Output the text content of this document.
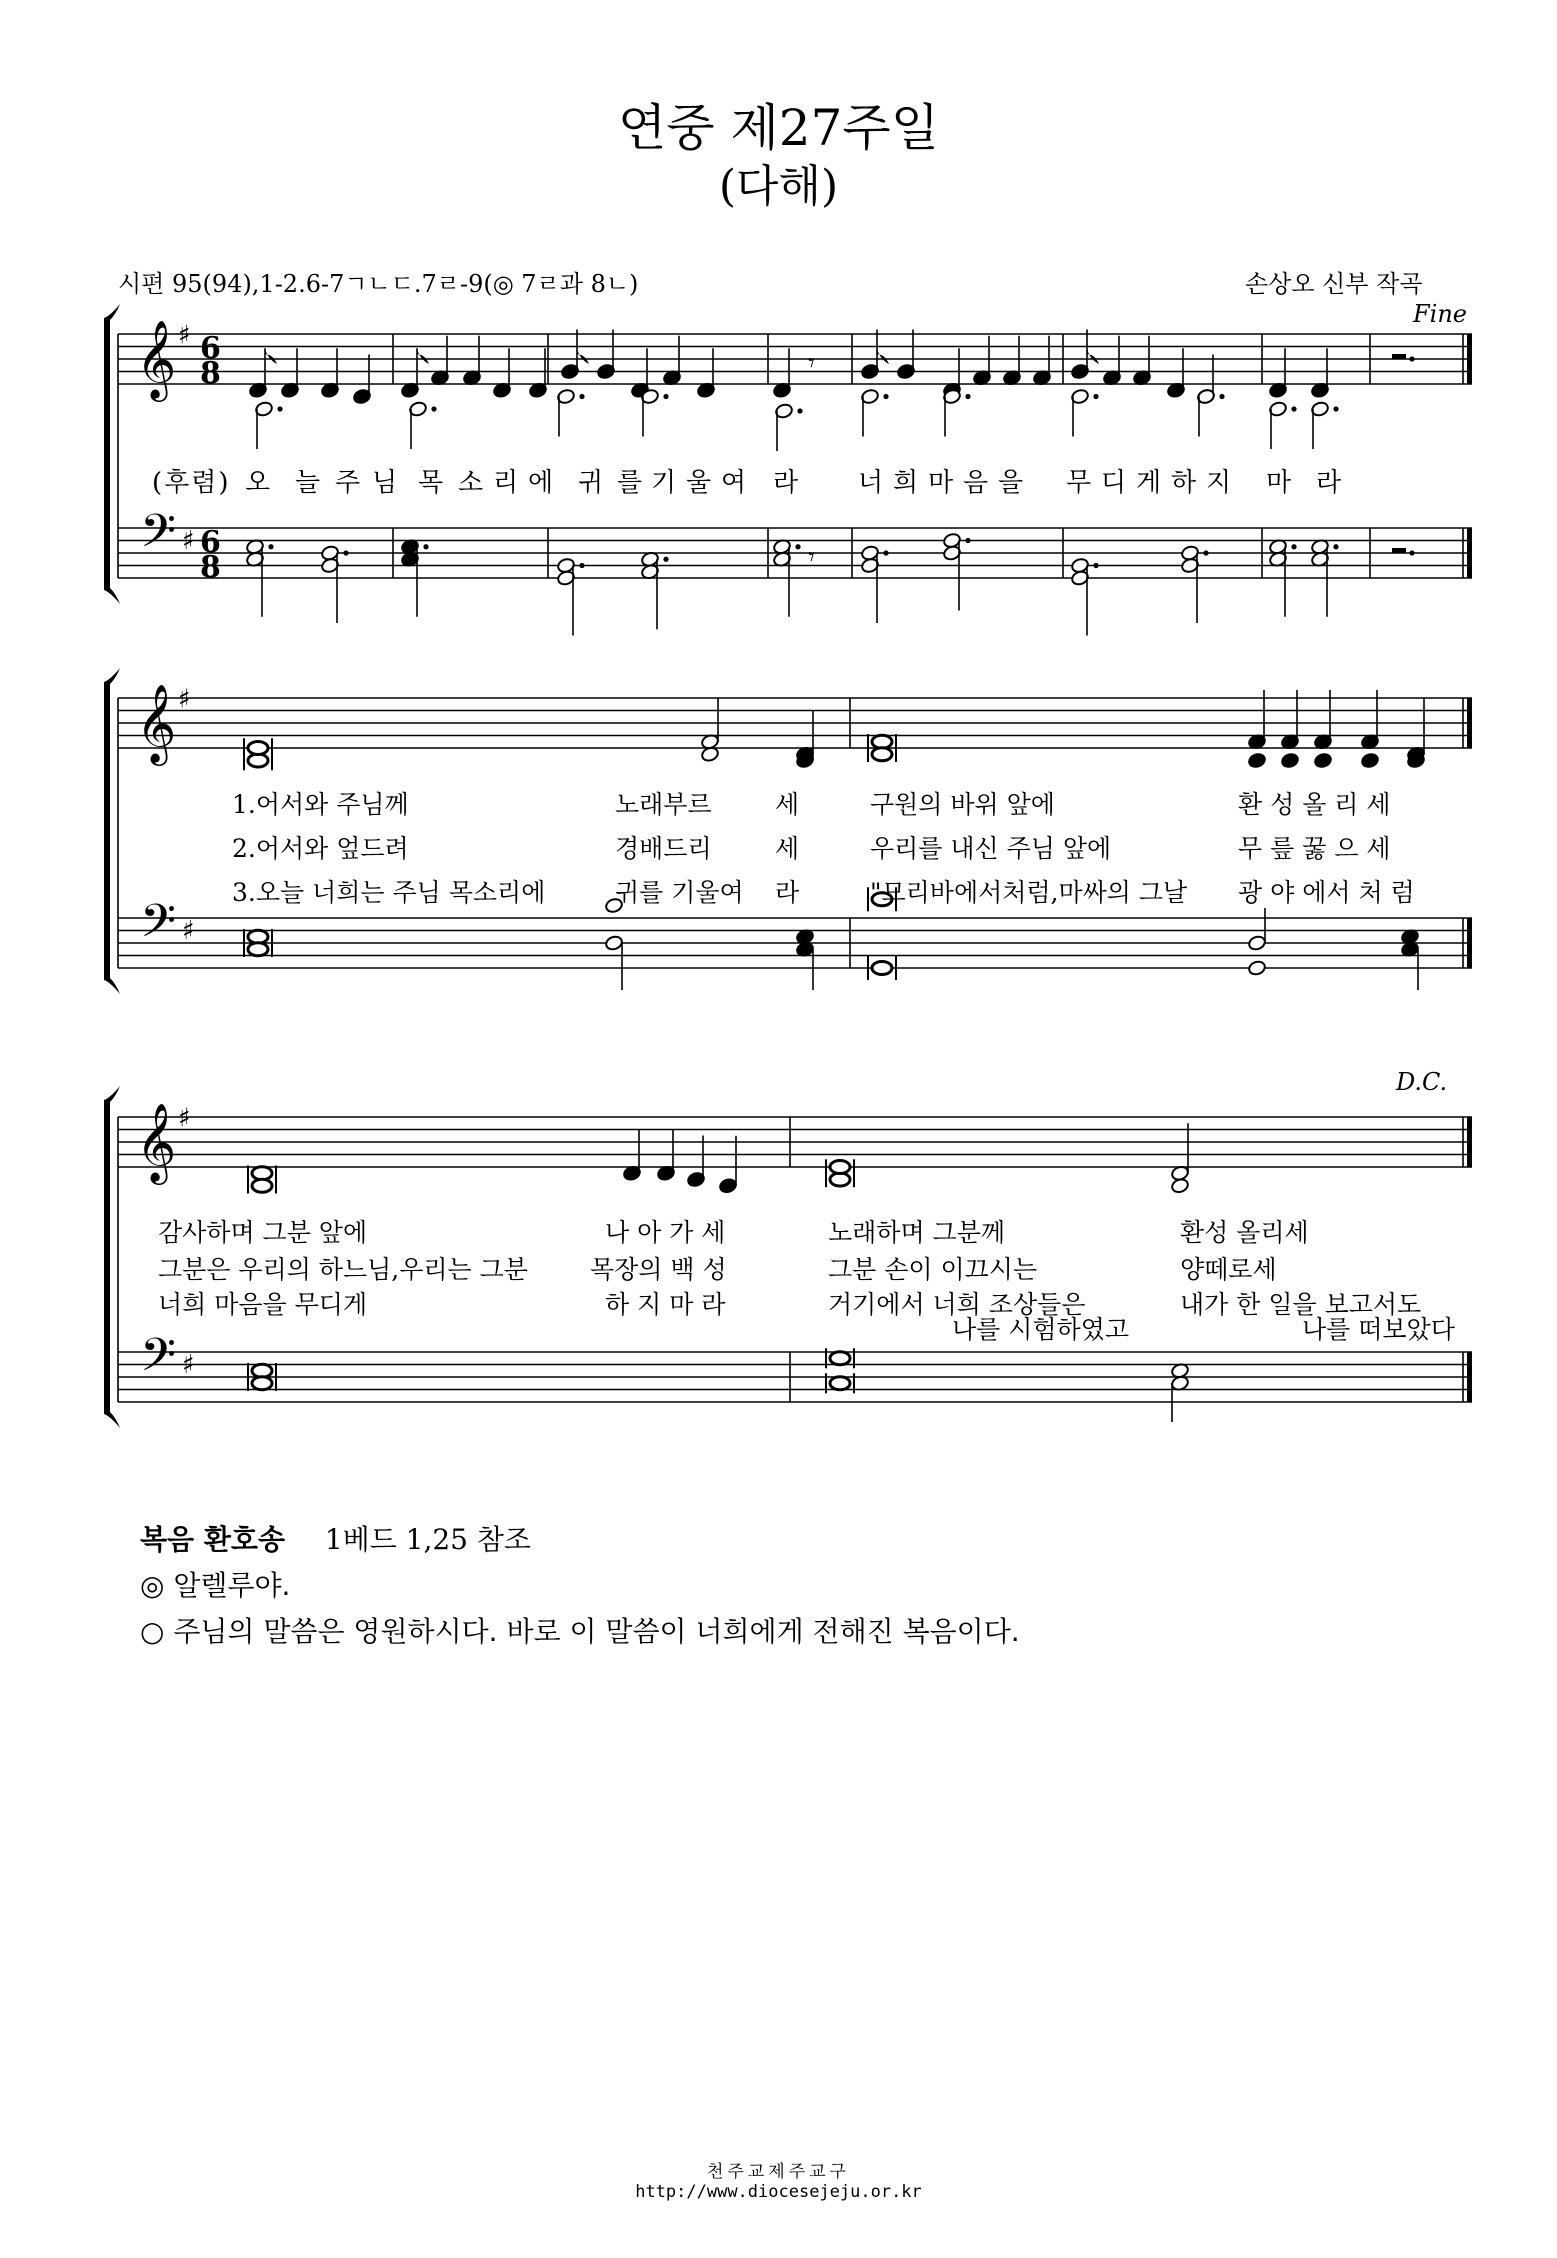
연중 제27주일
(다해)
시편 95(94),1-2.6-7ㄱㄴㄷ.7ㄹ-9(◎ 7ㄹ과 8ㄴ)	손상오 신부 작곡
𝄞
𝄢
♯
♯
6
8
6
8
𝄞
𝄢
♯
♯
𝄞
𝄢
♯
♯
𝄾
𝄾
Fine
D.C.
(후렴) 오 늘 주 님 목 소 리 에 귀 를 기 울 여 라 너 희 마 음 을 무 디 게 하 지 마 라
1.어서와 주님께	노래부르	세	구원의 바위 앞에	환 성 올 리 세
2.어서와 엎드려	경배드리	세	우리를 내신 주님 앞에	무 릎 꿇 으 세
3.오늘 너희는 주님 목소리에	귀를 기울여 라	"므리바에서처럼,마싸의 그날 광 야 에서 처 럼
감사하며 그분 앞에	나 아 가 세	노래하며 그분께	환성 올리세
그분은 우리의 하느님,우리는 그분 목장의 백 성	그분 손이 이끄시는	양떼로세
너희 마음을 무디게	하 지 마 라	거기에서 너희 조상들은	내가 한 일을 보고서도
나를 시험하였고	나를 떠보았다
복음 환호송 1베드 1,25 참조
◎ 알렐루야.
○ 주님의 말씀은 영원하시다. 바로 이 말씀이 너희에게 전해진 복음이다.
천주교제주교구
http://www.diocesejeju.or.kr
